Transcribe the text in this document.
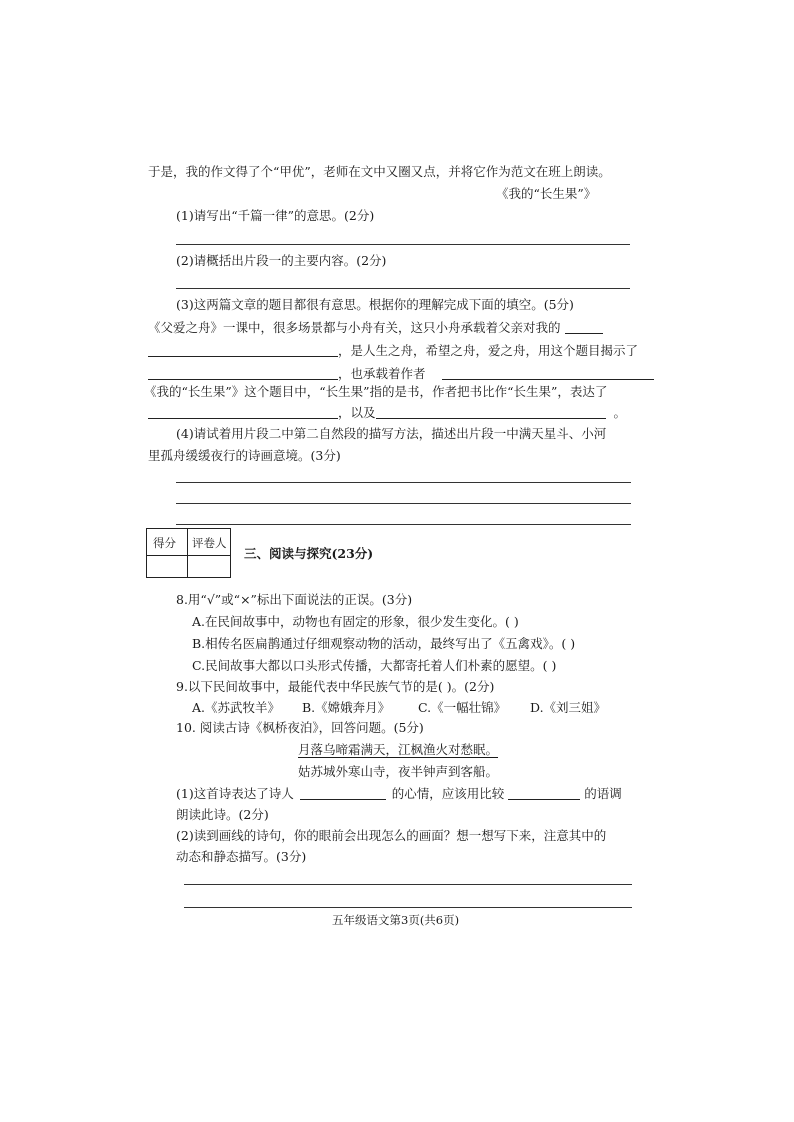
于是，我的作文得了个“甲优”，老师在文中又圈又点，并将它作为范文在班上朗读。
《我的“长生果”》
(1)请写出“千篇一律”的意思。(2分)
(2)请概括出片段一的主要内容。(2分)
(3)这两篇文章的题目都很有意思。根据你的理解完成下面的填空。(5分)
《父爱之舟》一课中，很多场景都与小舟有关，这只小舟承载着父亲对我的
，是人生之舟，希望之舟，爱之舟，用这个题目揭示了
，也承载着作者
《我的“长生果”》这个题目中，“长生果”指的是书，作者把书比作“长生果”，表达了
，以及	。
(4)请试着用片段二中第二自然段的描写方法，描述出片段一中满天星斗、小河
里孤舟缓缓夜行的诗画意境。(3分)
得分 评卷人
三、阅读与探究(23分)
8.用“√”或“×”标出下面说法的正误。(3分)
A.在民间故事中，动物也有固定的形象，很少发生变化。( )
B.相传名医扁鹊通过仔细观察动物的活动，最终写出了《五禽戏》。( )
C.民间故事大都以口头形式传播，大都寄托着人们朴素的愿望。( )
9.以下民间故事中，最能代表中华民族气节的是( )。(2分)
A.《苏武牧羊》 B.《嫦娥奔月》 C.《一幅壮锦》 D.《刘三姐》
10. 阅读古诗《枫桥夜泊》，回答问题。(5分)
月落乌啼霜满天，江枫渔火对愁眠。
姑苏城外寒山寺，夜半钟声到客船。
(1)这首诗表达了诗人	的心情，应该用比较	的语调
朗读此诗。(2分)
(2)读到画线的诗句，你的眼前会出现怎么的画面？想一想写下来，注意其中的
动态和静态描写。(3分)
五年级语文第3页(共6页)
